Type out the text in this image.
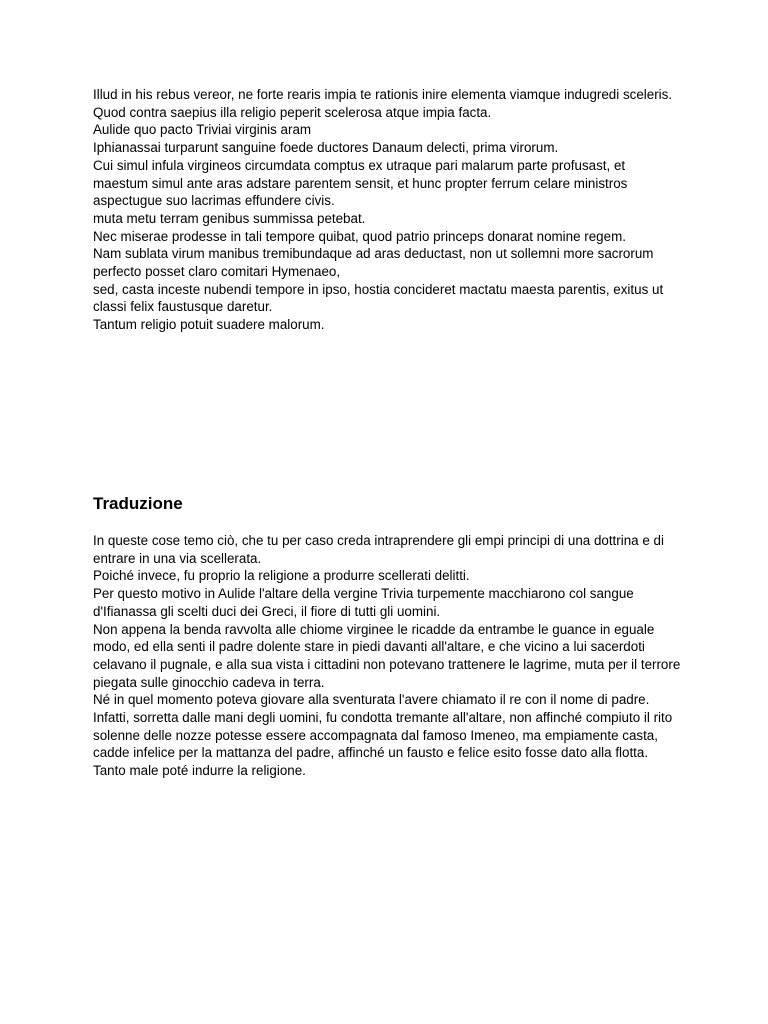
Illud in his rebus vereor, ne forte rearis impia te rationis inire elementa viamque indugredi sceleris. Quod contra saepius illa religio peperit scelerosa atque impia facta.
Aulide quo pacto Triviai virginis aram
Iphianassai turparunt sanguine foede ductores Danaum delecti, prima virorum.
Cui simul infula virgineos circumdata comptus ex utraque pari malarum parte profusast, et maestum simul ante aras adstare parentem sensit, et hunc propter ferrum celare ministros aspectugue suo lacrimas effundere civis.
muta metu terram genibus summissa petebat.
Nec miserae prodesse in tali tempore quibat, quod patrio princeps donarat nomine regem.
Nam sublata virum manibus tremibundaque ad aras deductast, non ut sollemni more sacrorum
perfecto posset claro comitari Hymenaeo,
sed, casta inceste nubendi tempore in ipso, hostia concideret mactatu maesta parentis, exitus ut classi felix faustusque daretur.
Tantum religio potuit suadere malorum.
Traduzione
In queste cose temo ciò, che tu per caso creda intraprendere gli empi principi di una dottrina e di entrare in una via scellerata.
Poiché invece, fu proprio la religione a produrre scellerati delitti.
Per questo motivo in Aulide l'altare della vergine Trivia turpemente macchiarono col sangue d'Ifianassa gli scelti duci dei Greci, il fiore di tutti gli uomini.
Non appena la benda ravvolta alle chiome virginee le ricadde da entrambe le guance in eguale modo, ed ella senti il padre dolente stare in piedi davanti all'altare, e che vicino a lui sacerdoti celavano il pugnale, e alla sua vista i cittadini non potevano trattenere le lagrime, muta per il terrore piegata sulle ginocchio cadeva in terra.
Né in quel momento poteva giovare alla sventurata l'avere chiamato il re con il nome di padre.
Infatti, sorretta dalle mani degli uomini, fu condotta tremante all'altare, non affinché compiuto il rito solenne delle nozze potesse essere accompagnata dal famoso Imeneo, ma empiamente casta, cadde infelice per la mattanza del padre, affinché un fausto e felice esito fosse dato alla flotta.
Tanto male poté indurre la religione.
